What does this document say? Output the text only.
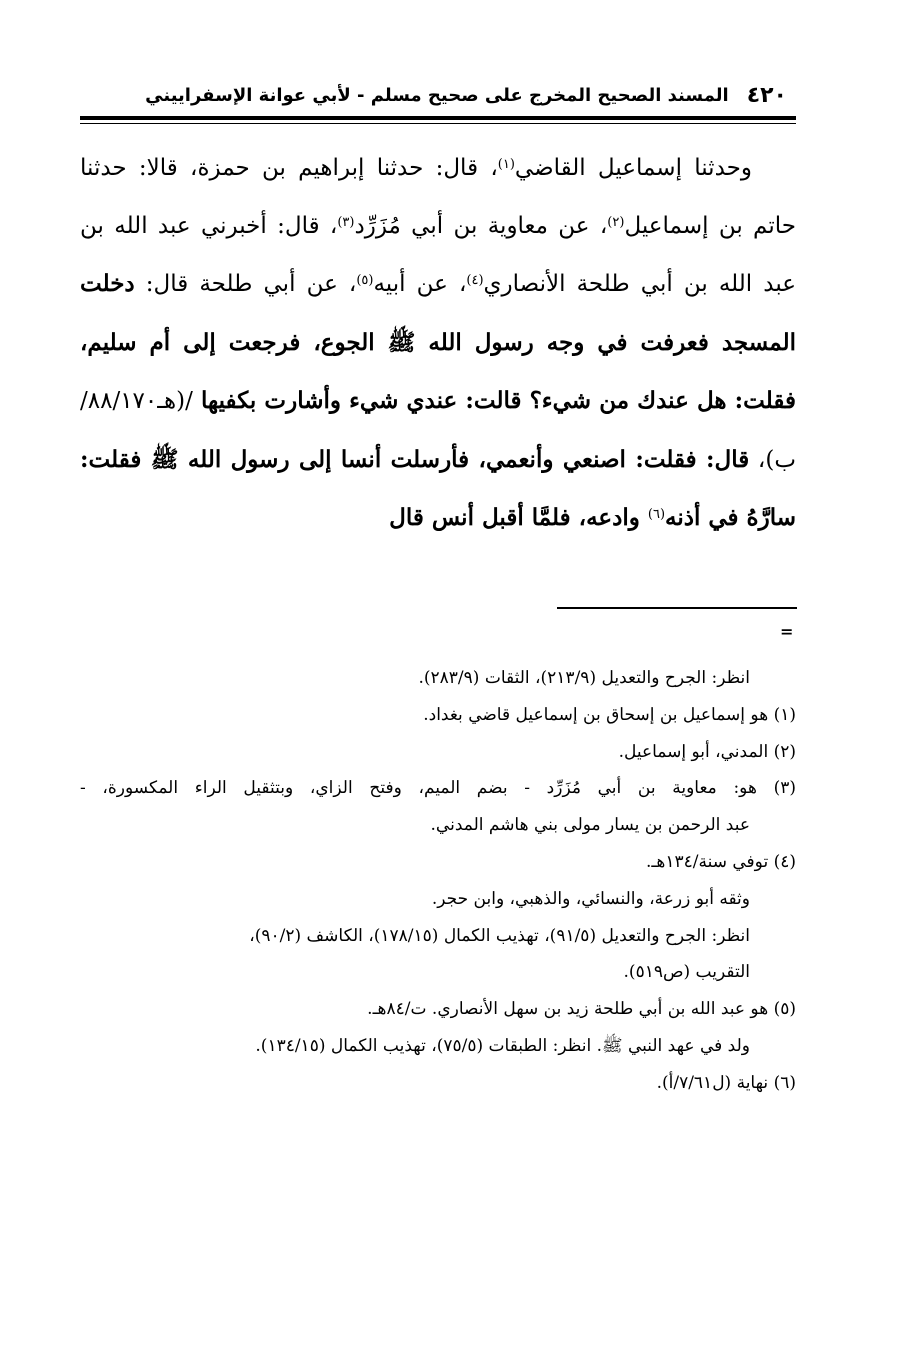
٤٢٠
المسند الصحيح المخرج على صحيح مسلم - لأبي عوانة الإسفراييني

وحدثنا إسماعيل القاضي$^{(١)}$، قال: حدثنا إبراهيم بن حمزة، قالا: حدثنا حاتم بن إسماعيل$^{(٢)}$، عن معاوية بن أبي مُزَرِّد$^{(٣)}$، قال: أخبرني عبد الله بن عبد الله بن أبي طلحة الأنصاري$^{(٤)}$، عن أبيه$^{(٥)}$، عن أبي طلحة قال: دخلت المسجد فعرفت في وجه رسول الله ﷺ الجوع، فرجعت إلى أم سليم، فقلت: هل عندك من شيء؟ قالت: عندي شيء وأشارت بكفيها /(هـ٨٨/١٧٠/ب)، قال: فقلت: اصنعي وأنعمي، فأرسلت أنسا إلى رسول الله ﷺ فقلت: سارَّهُ في أذنه$^{(٦)}$ وادعه، فلمَّا أقبل أنس قال

=
انظر: الجرح والتعديل (٢١٣/٩)، الثقات (٢٨٣/٩).
(١) هو إسماعيل بن إسحاق بن إسماعيل قاضي بغداد.
(٢) المدني، أبو إسماعيل.
(٣) هو: معاوية بن أبي مُزَرِّد - بضم الميم، وفتح الزاي، وبتثقيل الراء المكسورة، -
عبد الرحمن بن يسار مولى بني هاشم المدني.
(٤) توفي سنة/١٣٤هـ.
وثقه أبو زرعة، والنسائي، والذهبي، وابن حجر.
انظر: الجرح والتعديل (٩١/٥)، تهذيب الكمال (١٧٨/١٥)، الكاشف (٩٠/٢)،
التقريب (ص٥١٩).
(٥) هو عبد الله بن أبي طلحة زيد بن سهل الأنصاري. ت/٨٤هـ.
ولد في عهد النبي ﷺ. انظر: الطبقات (٧٥/٥)، تهذيب الكمال (١٣٤/١٥).
(٦) نهاية (ل٧/٦١/أ).
